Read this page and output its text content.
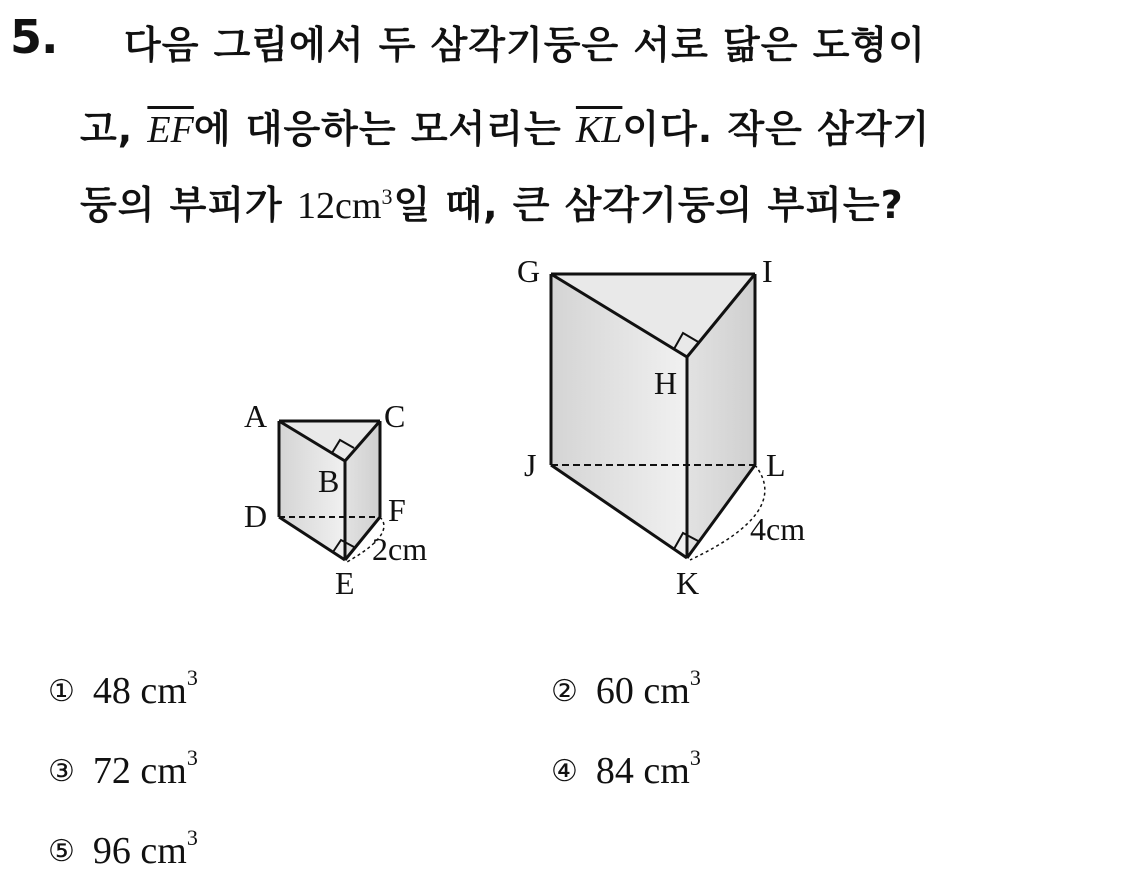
5. 다음 그림에서 두 삼각기둥은 서로 닮은 도형이
고, $\overline{EF}$에 대응하는 모서리는 $\overline{KL}$이다. 작은 삼각기
둥의 부피가 $12cm^3$일 때, 큰 삼각기둥의 부피는?
A	C
B
D	F
E
2cm
G	I
H
J	L
K
4cm
① 48 $cm^3$	② 60 $cm^3$
③ 72 $cm^3$	④ 84 $cm^3$
⑤ 96 $cm^3$
